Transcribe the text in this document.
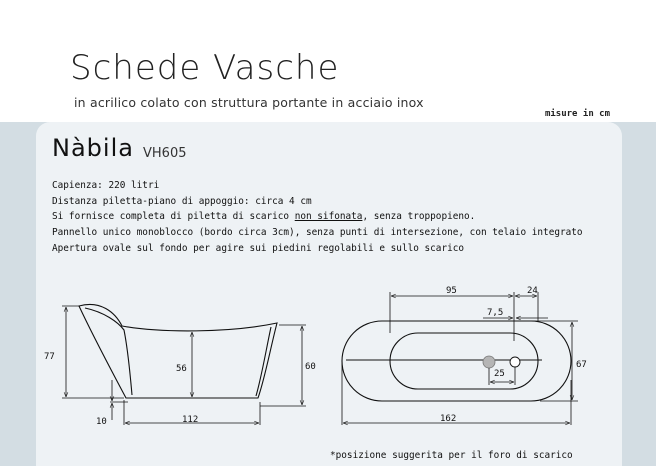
Schede Vasche
in acrilico colato con struttura portante in acciaio inox
misure in cm
Nàbila VH605
Capienza: 220 litri
Distanza piletta-piano di appoggio: circa 4 cm
Si fornisce completa di piletta di scarico non sifonata, senza troppopieno.
Pannello unico monoblocco (bordo circa 3cm), senza punti di intersezione, con telaio integrato
Apertura ovale sul fondo per agire sui piedini regolabili e sullo scarico
77
56	60
10	112
95	24
7,5
25
67
162
*posizione suggerita per il foro di scarico
